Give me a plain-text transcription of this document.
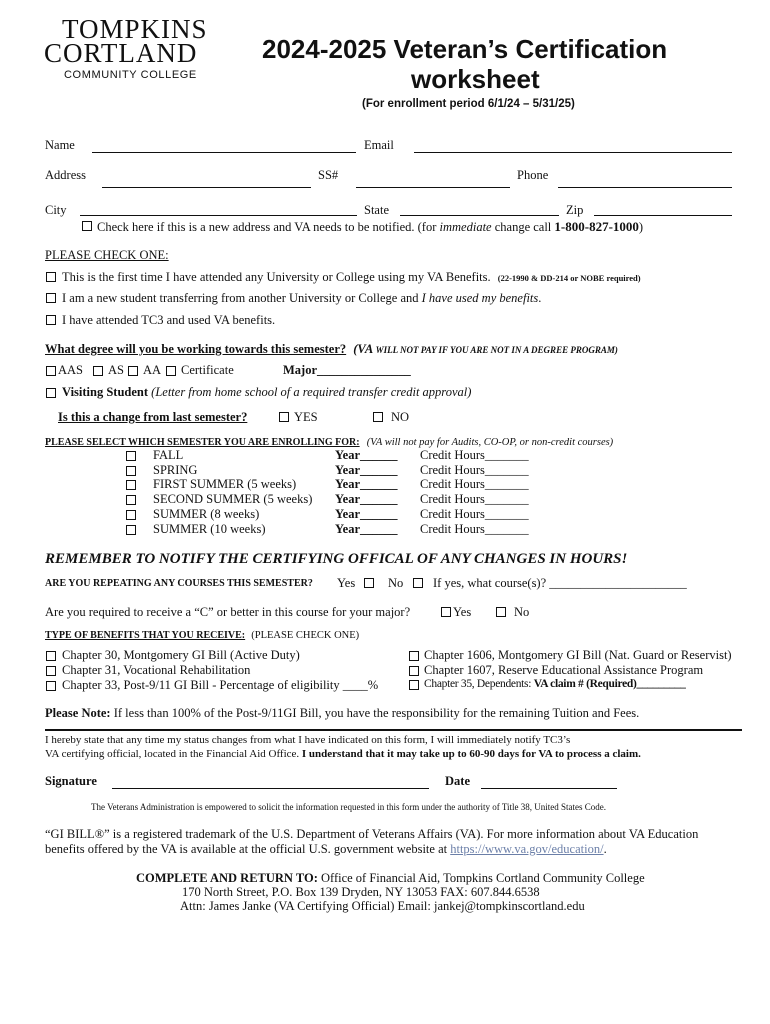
TOMPKINS
CORTLAND
COMMUNITY COLLEGE
2024-2025 Veteran’s Certification
worksheet
(For enrollment period 6/1/24 – 5/31/25)
Name	Email
Address	SS#	Phone
City	State	Zip
Check here if this is a new address and VA needs to be notified. (for immediate change call 1-800-827-1000)
PLEASE CHECK ONE:
This is the first time I have attended any University or College using my VA Benefits. (22-1990 & DD-214 or NOBE required)
I am a new student transferring from another University or College and I have used my benefits.
I have attended TC3 and used VA benefits.
What degree will you be working towards this semester? (VA WILL NOT PAY IF YOU ARE NOT IN A DEGREE PROGRAM)
AAS AS AA Certificate	Major_______________
Visiting Student (Letter from home school of a required transfer credit approval)
Is this a change from last semester?	YES	NO
PLEASE SELECT WHICH SEMESTER YOU ARE ENROLLING FOR: (VA will not pay for Audits, CO-OP, or non-credit courses)
FALL	Year______ Credit Hours_______
SPRING	Year______ Credit Hours_______
FIRST SUMMER (5 weeks)	Year______ Credit Hours_______
SECOND SUMMER (5 weeks) Year______ Credit Hours_______
SUMMER (8 weeks)	Year______ Credit Hours_______
SUMMER (10 weeks)	Year______ Credit Hours_______
REMEMBER TO NOTIFY THE CERTIFYING OFFICAL OF ANY CHANGES IN HOURS!
ARE YOU REPEATING ANY COURSES THIS SEMESTER? Yes	No If yes, what course(s)? ______________________
Are you required to receive a “C” or better in this course for your major?	Yes	No
TYPE OF BENEFITS THAT YOU RECEIVE: (PLEASE CHECK ONE)
Chapter 30, Montgomery GI Bill (Active Duty)
Chapter 31, Vocational Rehabilitation
Chapter 33, Post-9/11 GI Bill - Percentage of eligibility ____%
Chapter 1606, Montgomery GI Bill (Nat. Guard or Reservist)
Chapter 1607, Reserve Educational Assistance Program
Chapter 35, Dependents: VA claim # (Required)_________
Please Note: If less than 100% of the Post-9/11GI Bill, you have the responsibility for the remaining Tuition and Fees.
I hereby state that any time my status changes from what I have indicated on this form, I will immediately notify TC3’s
VA certifying official, located in the Financial Aid Office. I understand that it may take up to 60-90 days for VA to process a claim.
Signature	Date
The Veterans Administration is empowered to solicit the information requested in this form under the authority of Title 38, United States Code.
“GI BILL®” is a registered trademark of the U.S. Department of Veterans Affairs (VA). For more information about VA Education
benefits offered by the VA is available at the official U.S. government website at https://www.va.gov/education/.
COMPLETE AND RETURN TO: Office of Financial Aid, Tompkins Cortland Community College
170 North Street, P.O. Box 139 Dryden, NY 13053 FAX: 607.844.6538
Attn: James Janke (VA Certifying Official) Email: jankej@tompkinscortland.edu
